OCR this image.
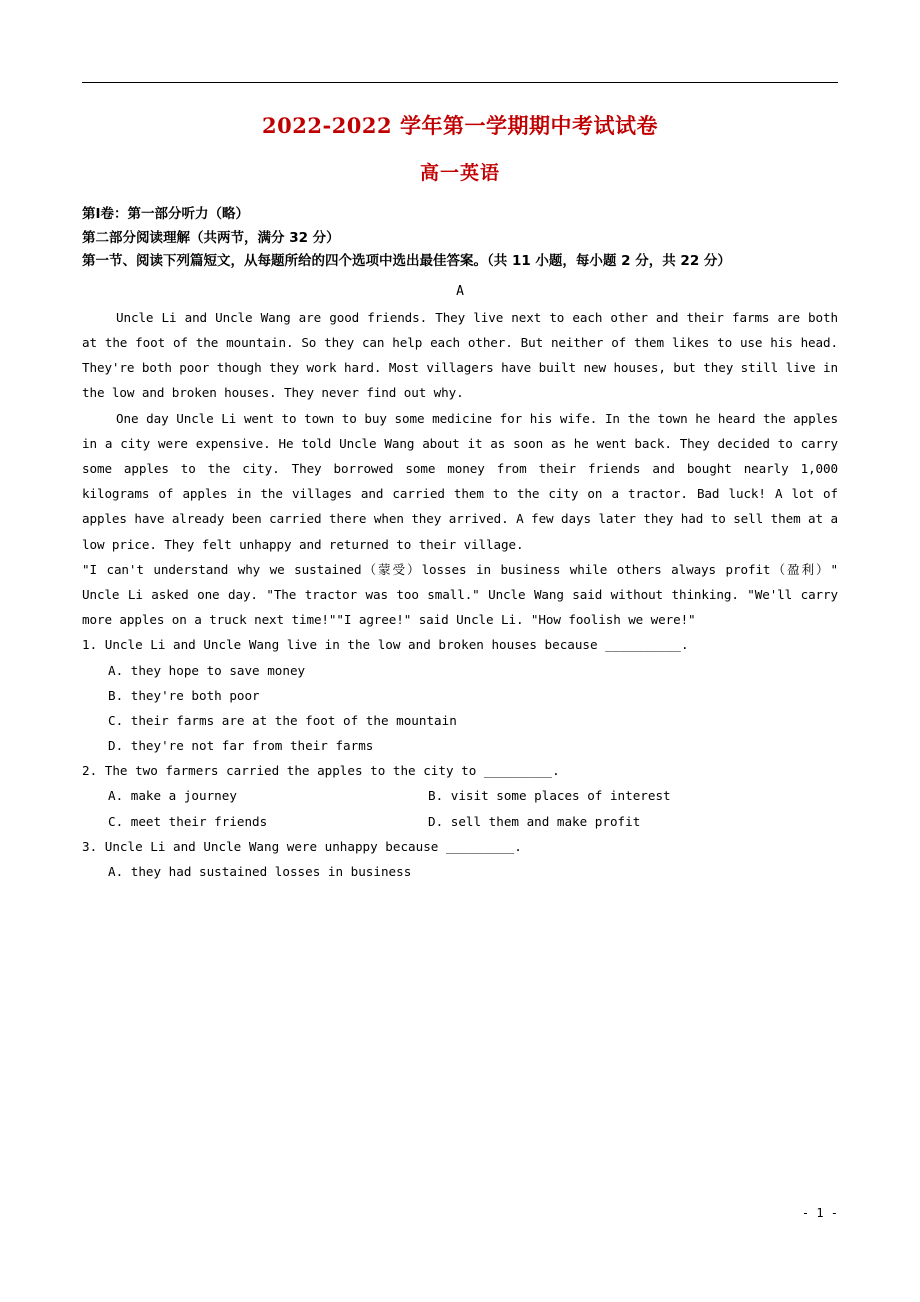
2022-2022 学年第一学期期中考试试卷
高一英语

第Ⅰ卷：第一部分听力（略）

第二部分阅读理解（共两节，满分 32 分）

第一节、阅读下列篇短文，从每题所给的四个选项中选出最佳答案。（共 11 小题，每小题 2 分，共 22 分）

A

Uncle Li and Uncle Wang are good friends. They live next to each other and their farms are both at the foot of the mountain. So they can help each other. But neither of them likes to use his head. They're both poor though they work hard. Most villagers have built new houses, but they still live in the low and broken houses. They never find out why.

One day Uncle Li went to town to buy some medicine for his wife. In the town he heard the apples in a city were expensive. He told Uncle Wang about it as soon as he went back. They decided to carry some apples to the city. They borrowed some money from their friends and bought nearly 1,000 kilograms of apples in the villages and carried them to the city on a tractor. Bad luck! A lot of apples have already been carried there when they arrived. A few days later they had to sell them at a low price. They felt unhappy and returned to their village.

"I can't understand why we sustained（蒙受）losses in business while others always profit（盈利）" Uncle Li asked one day. "The tractor was too small." Uncle Wang said without thinking. "We'll carry more apples on a truck next time!""I agree!" said Uncle Li. "How foolish we were!"

1. Uncle Li and Uncle Wang live in the low and broken houses because __________.

A. they hope to save money

B. they're both poor

C. their farms are at the foot of the mountain

D. they're not far from their farms

2. The two farmers carried the apples to the city to _________.

A. make a journey	B. visit some places of interest
C. meet their friends	D. sell them and make profit

3. Uncle Li and Uncle Wang were unhappy because _________.

A. they had sustained losses in business

- 1 -
